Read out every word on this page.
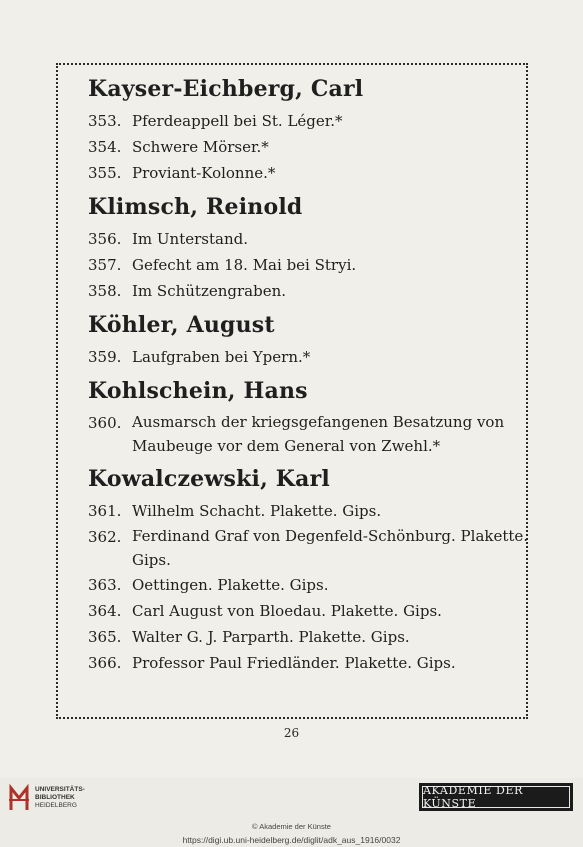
Kayser-Eichberg, Carl
353. Pferdeappell bei St. Léger.*
354. Schwere Mörser.*
355. Proviant-Kolonne.*
Klimsch, Reinold
356. Im Unterstand.
357. Gefecht am 18. Mai bei Stryi.
358. Im Schützengraben.
Köhler, August
359. Laufgraben bei Ypern.*
Kohlschein, Hans
360. Ausmarsch der kriegsgefangenen Besatzung von Maubeuge vor dem General von Zwehl.*
Kowalczewski, Karl
361. Wilhelm Schacht. Plakette. Gips.
362. Ferdinand Graf von Degenfeld-Schönburg. Plakette. Gips.
363. Oettingen. Plakette. Gips.
364. Carl August von Bloedau. Plakette. Gips.
365. Walter G. J. Parparth. Plakette. Gips.
366. Professor Paul Friedländer. Plakette. Gips.
26
UNIVERSITÄTS-
BIBLIOTHEK
HEIDELBERG
AKADEMIE DER KÜNSTE
© Akademie der Künste
https://digi.ub.uni-heidelberg.de/diglit/adk_aus_1916/0032
